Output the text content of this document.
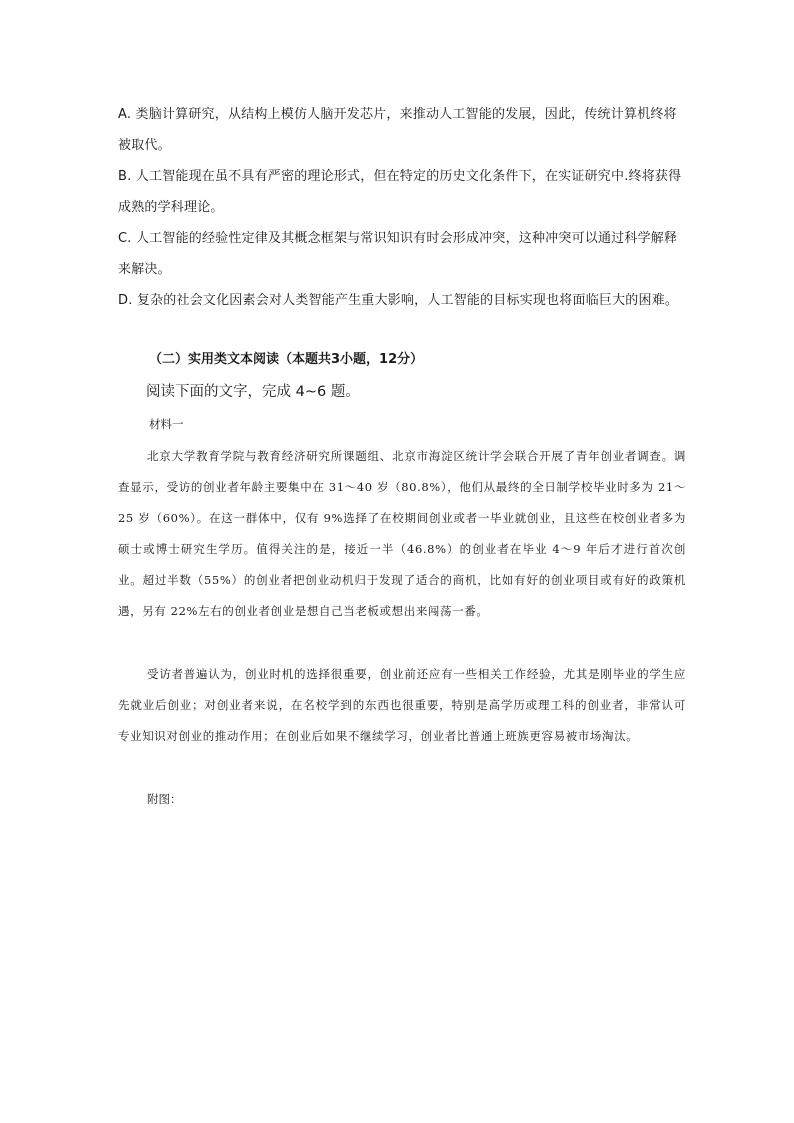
A. 类脑计算研究，从结构上模仿人脑开发芯片，来推动人工智能的发展，因此，传统计算机终将被取代。
B. 人工智能现在虽不具有严密的理论形式，但在特定的历史文化条件下，在实证研究中.终将获得成熟的学科理论。
C. 人工智能的经验性定律及其概念框架与常识知识有时会形成冲突，这种冲突可以通过科学解释来解决。
D. 复杂的社会文化因素会对人类智能产生重大影响，人工智能的目标实现也将面临巨大的困难。
（二）实用类文本阅读（本题共3小题，12分）
阅读下面的文字，完成 4~6 题。
材料一

北京大学教育学院与教育经济研究所课题组、北京市海淀区统计学会联合开展了青年创业者调查。调查显示，受访的创业者年龄主要集中在 31～40 岁（80.8%），他们从最终的全日制学校毕业时多为 21～25 岁（60%）。在这一群体中，仅有 9%选择了在校期间创业或者一毕业就创业，且这些在校创业者多为硕士或博士研究生学历。值得关注的是，接近一半（46.8%）的创业者在毕业 4～9 年后才进行首次创业。超过半数（55%）的创业者把创业动机归于发现了适合的商机，比如有好的创业项目或有好的政策机遇，另有 22%左右的创业者创业是想自己当老板或想出来闯荡一番。

受访者普遍认为，创业时机的选择很重要，创业前还应有一些相关工作经验，尤其是刚毕业的学生应先就业后创业；对创业者来说，在名校学到的东西也很重要，特别是高学历或理工科的创业者，非常认可专业知识对创业的推动作用；在创业后如果不继续学习，创业者比普通上班族更容易被市场淘汰。

附图：
